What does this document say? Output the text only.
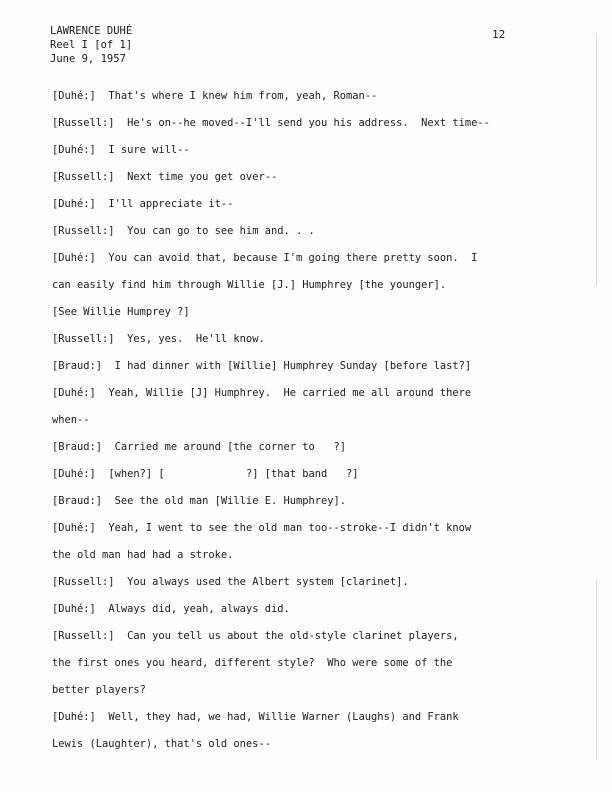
LAWRENCE DUHÉ
Reel I [of 1]
June 9, 1957
12
[Duhé:] That's where I knew him from, yeah, Roman--
[Russell:] He's on--he moved--I'll send you his address.  Next time--
[Duhé:] I sure will--
[Russell:] Next time you get over--
[Duhé:] I'll appreciate it--
[Russell:] You can go to see him and. . .
[Duhé:] You can avoid that, because I'm going there pretty soon.  I
can easily find him through Willie [J.] Humphrey [the younger].
[See Willie Humprey ?]
[Russell:] Yes, yes.  He'll know.
[Braud:] I had dinner with [Willie] Humphrey Sunday [before last?]
[Duhé:] Yeah, Willie [J] Humphrey.  He carried me all around there
when--
[Braud:] Carried me around [the corner to   ?]
[Duhé:] [when?] [             ?] [that band   ?]
[Braud:] See the old man [Willie E. Humphrey].
[Duhé:] Yeah, I went to see the old man too--stroke--I didn't know
the old man had had a stroke.
[Russell:] You always used the Albert system [clarinet].
[Duhé:] Always did, yeah, always did.
[Russell:] Can you tell us about the old-style clarinet players,
the first ones you heard, different style?  Who were some of the
better players?
[Duhé:] Well, they had, we had, Willie Warner (Laughs) and Frank
Lewis (Laughter), that's old ones--
